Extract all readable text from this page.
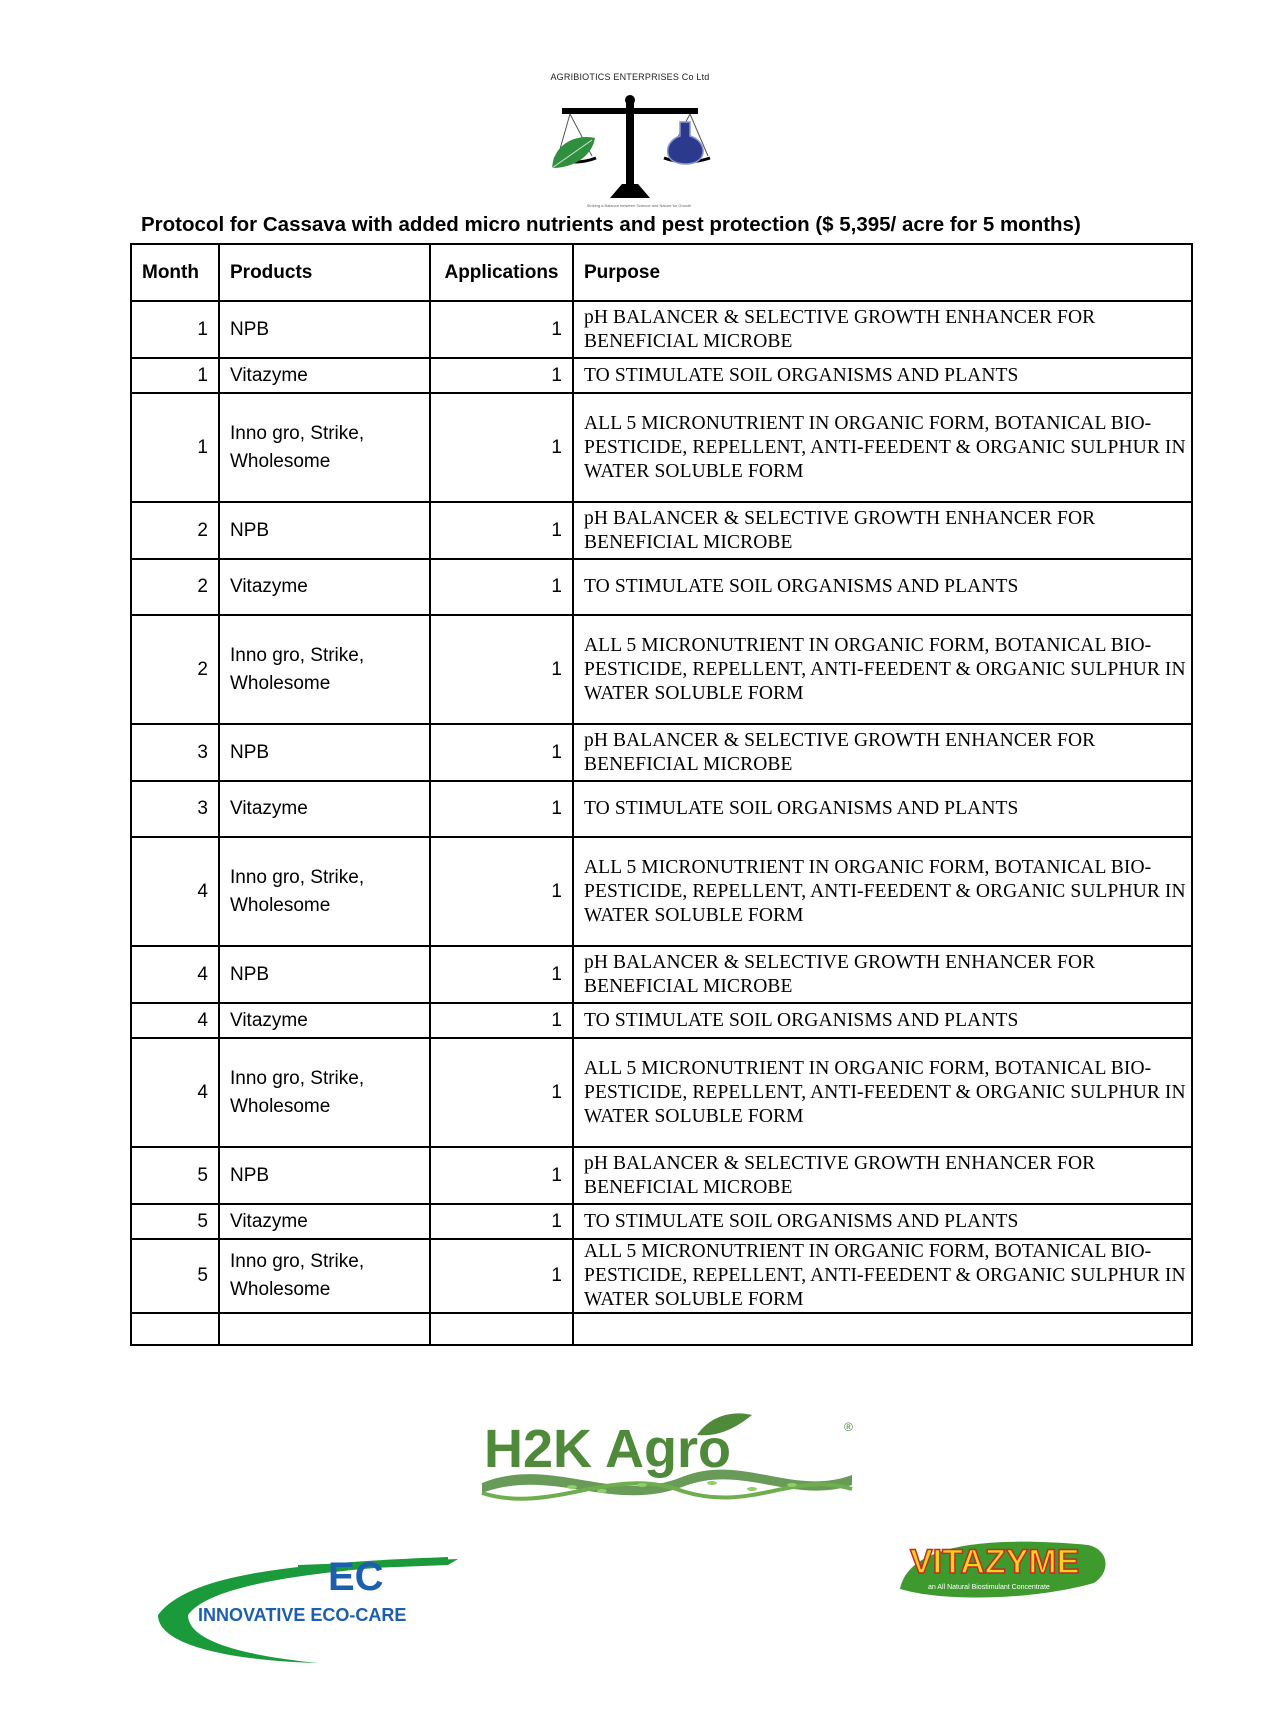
AGRIBIOTICS ENTERPRISES Co Ltd
Striking a Balance between Science and Nature for Growth
Protocol for Cassava with added micro nutrients and pest protection ($ 5,395/ acre for 5 months)
Month	Products	Applications	Purpose
1	NPB	1	pH BALANCER & SELECTIVE GROWTH ENHANCER FOR BENEFICIAL MICROBE
1	Vitazyme	1	TO STIMULATE SOIL ORGANISMS AND PLANTS
1	Inno gro, Strike, Wholesome	1	ALL 5 MICRONUTRIENT IN ORGANIC FORM, BOTANICAL BIO-PESTICIDE, REPELLENT, ANTI-FEEDENT & ORGANIC SULPHUR IN WATER SOLUBLE FORM
2	NPB	1	pH BALANCER & SELECTIVE GROWTH ENHANCER FOR BENEFICIAL MICROBE
2	Vitazyme	1	TO STIMULATE SOIL ORGANISMS AND PLANTS
2	Inno gro, Strike, Wholesome	1	ALL 5 MICRONUTRIENT IN ORGANIC FORM, BOTANICAL BIO-PESTICIDE, REPELLENT, ANTI-FEEDENT & ORGANIC SULPHUR IN WATER SOLUBLE FORM
3	NPB	1	pH BALANCER & SELECTIVE GROWTH ENHANCER FOR BENEFICIAL MICROBE
3	Vitazyme	1	TO STIMULATE SOIL ORGANISMS AND PLANTS
4	Inno gro, Strike, Wholesome	1	ALL 5 MICRONUTRIENT IN ORGANIC FORM, BOTANICAL BIO-PESTICIDE, REPELLENT, ANTI-FEEDENT & ORGANIC SULPHUR IN WATER SOLUBLE FORM
4	NPB	1	pH BALANCER & SELECTIVE GROWTH ENHANCER FOR BENEFICIAL MICROBE
4	Vitazyme	1	TO STIMULATE SOIL ORGANISMS AND PLANTS
4	Inno gro, Strike, Wholesome	1	ALL 5 MICRONUTRIENT IN ORGANIC FORM, BOTANICAL BIO-PESTICIDE, REPELLENT, ANTI-FEEDENT & ORGANIC SULPHUR IN WATER SOLUBLE FORM
5	NPB	1	pH BALANCER & SELECTIVE GROWTH ENHANCER FOR BENEFICIAL MICROBE
5	Vitazyme	1	TO STIMULATE SOIL ORGANISMS AND PLANTS
5	Inno gro, Strike, Wholesome	1	ALL 5 MICRONUTRIENT IN ORGANIC FORM, BOTANICAL BIO-PESTICIDE, REPELLENT, ANTI-FEEDENT & ORGANIC SULPHUR IN WATER SOLUBLE FORM

H2K Agro	®
EC
INNOVATIVE ECO-CARE
VITAZYME
an All Natural Biostimulant Concentrate
